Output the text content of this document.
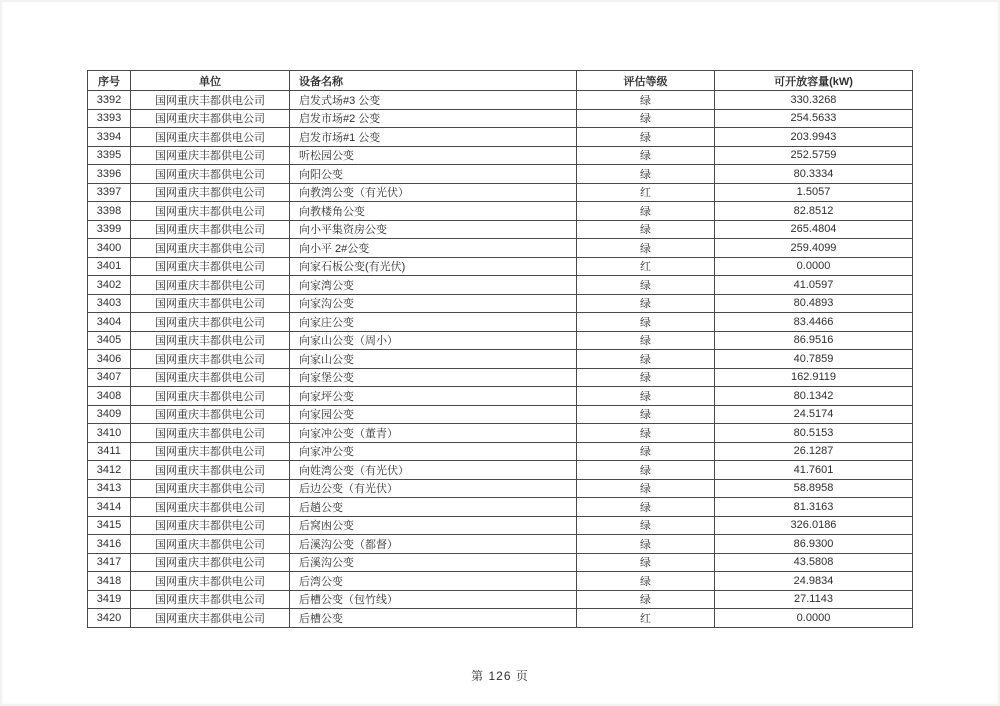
序号	单位	设备名称	评估等级	可开放容量(kW)
3392	国网重庆丰都供电公司	启发式场#3 公变	绿	330.3268
3393	国网重庆丰都供电公司	启发市场#2 公变	绿	254.5633
3394	国网重庆丰都供电公司	启发市场#1 公变	绿	203.9943
3395	国网重庆丰都供电公司	听松园公变	绿	252.5759
3396	国网重庆丰都供电公司	向阳公变	绿	80.3334
3397	国网重庆丰都供电公司	向教湾公变（有光伏）	红	1.5057
3398	国网重庆丰都供电公司	向教楼角公变	绿	82.8512
3399	国网重庆丰都供电公司	向小平集资房公变	绿	265.4804
3400	国网重庆丰都供电公司	向小平 2#公变	绿	259.4099
3401	国网重庆丰都供电公司	向家石板公变(有光伏)	红	0.0000
3402	国网重庆丰都供电公司	向家湾公变	绿	41.0597
3403	国网重庆丰都供电公司	向家沟公变	绿	80.4893
3404	国网重庆丰都供电公司	向家庄公变	绿	83.4466
3405	国网重庆丰都供电公司	向家山公变（周小）	绿	86.9516
3406	国网重庆丰都供电公司	向家山公变	绿	40.7859
3407	国网重庆丰都供电公司	向家堡公变	绿	162.9119
3408	国网重庆丰都供电公司	向家坪公变	绿	80.1342
3409	国网重庆丰都供电公司	向家园公变	绿	24.5174
3410	国网重庆丰都供电公司	向家冲公变（董青）	绿	80.5153
3411	国网重庆丰都供电公司	向家冲公变	绿	26.1287
3412	国网重庆丰都供电公司	向姓湾公变（有光伏）	绿	41.7601
3413	国网重庆丰都供电公司	后边公变（有光伏）	绿	58.8958
3414	国网重庆丰都供电公司	后趟公变	绿	81.3163
3415	国网重庆丰都供电公司	后窝凼公变	绿	326.0186
3416	国网重庆丰都供电公司	后溪沟公变（都督）	绿	86.9300
3417	国网重庆丰都供电公司	后溪沟公变	绿	43.5808
3418	国网重庆丰都供电公司	后湾公变	绿	24.9834
3419	国网重庆丰都供电公司	后槽公变（包竹线）	绿	27.1143
3420	国网重庆丰都供电公司	后槽公变	红	0.0000
第 126 页
